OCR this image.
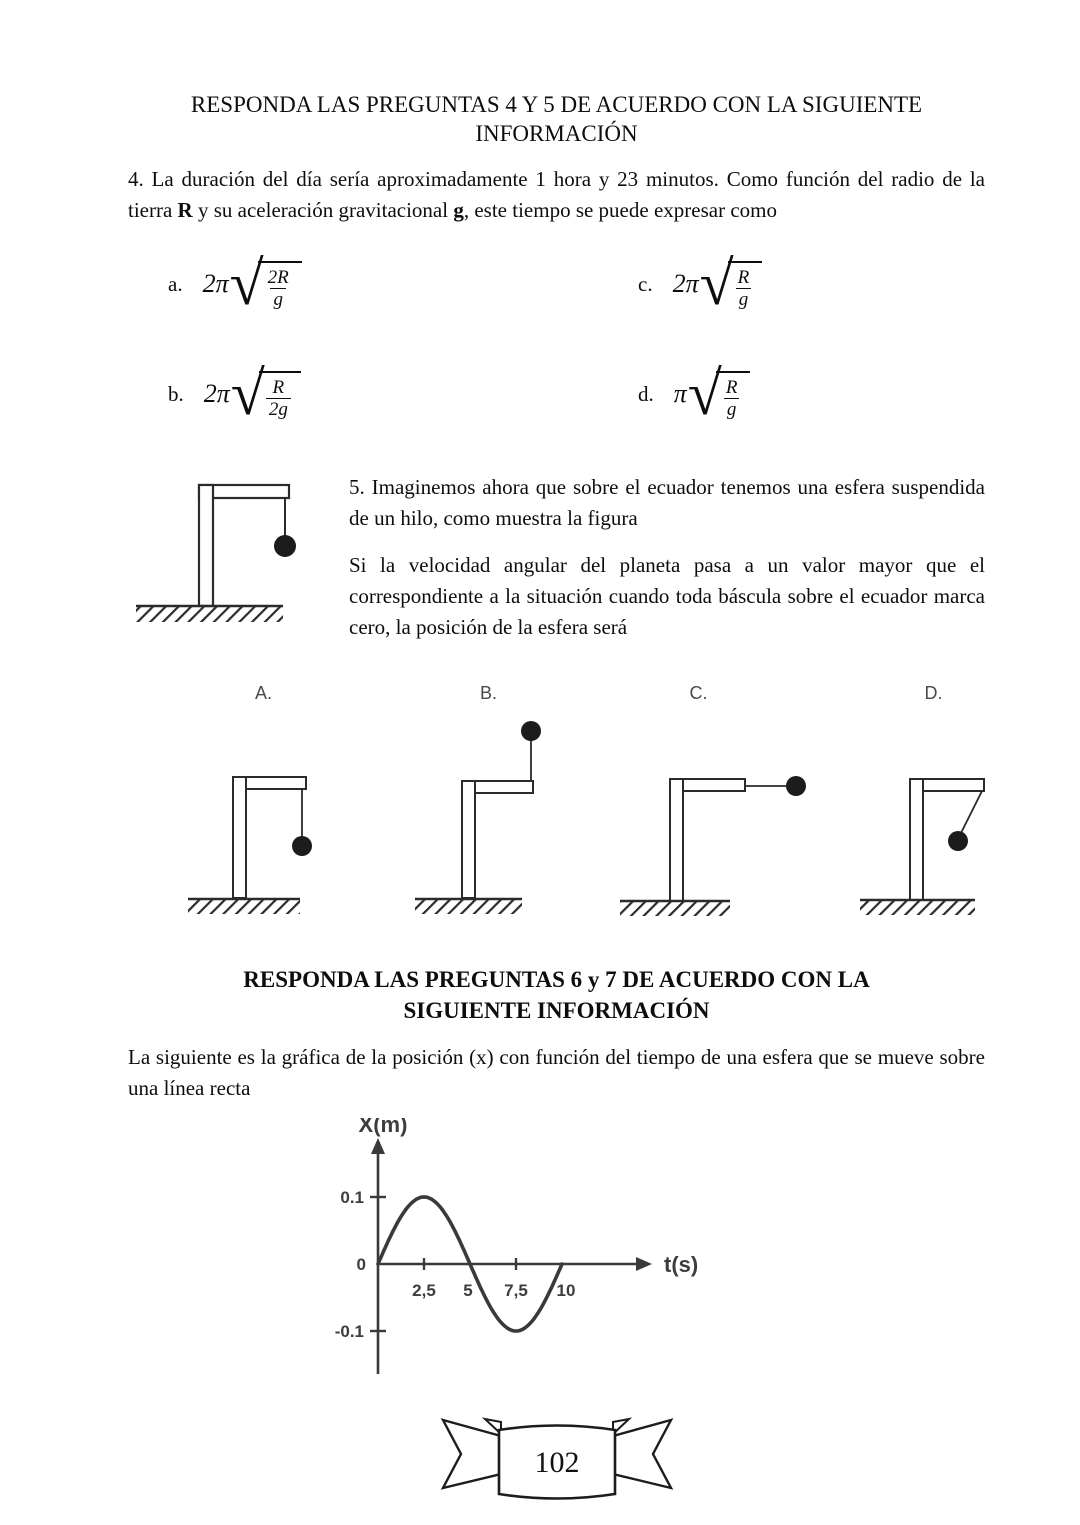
RESPONDA LAS PREGUNTAS 4 Y 5 DE ACUERDO CON LA SIGUIENTE
INFORMACIÓN
4. La duración del día sería aproximadamente 1 hora y 23 minutos. Como función del radio de la tierra R y su aceleración gravitacional g, este tiempo se puede expresar como
a. 2π √ 2R
g
c. 2π √ R
g
b. 2π √ R
2g
d. π √ R
g
5. Imaginemos ahora que sobre el ecuador tenemos una esfera suspendida de un hilo, como muestra la figura
Si la velocidad angular del planeta pasa a un valor mayor que el correspondiente a la situación cuando toda báscula sobre el ecuador marca cero, la posición de la esfera será
A.	B.	C.	D.
RESPONDA LAS PREGUNTAS 6 y 7 DE ACUERDO CON LA
SIGUIENTE INFORMACIÓN
La siguiente es la gráfica de la posición (x) con función del tiempo de una esfera que se mueve sobre una línea recta
X(m)
t(s)
0.1
0
-0.1
2,5 5 7,5 10
102
